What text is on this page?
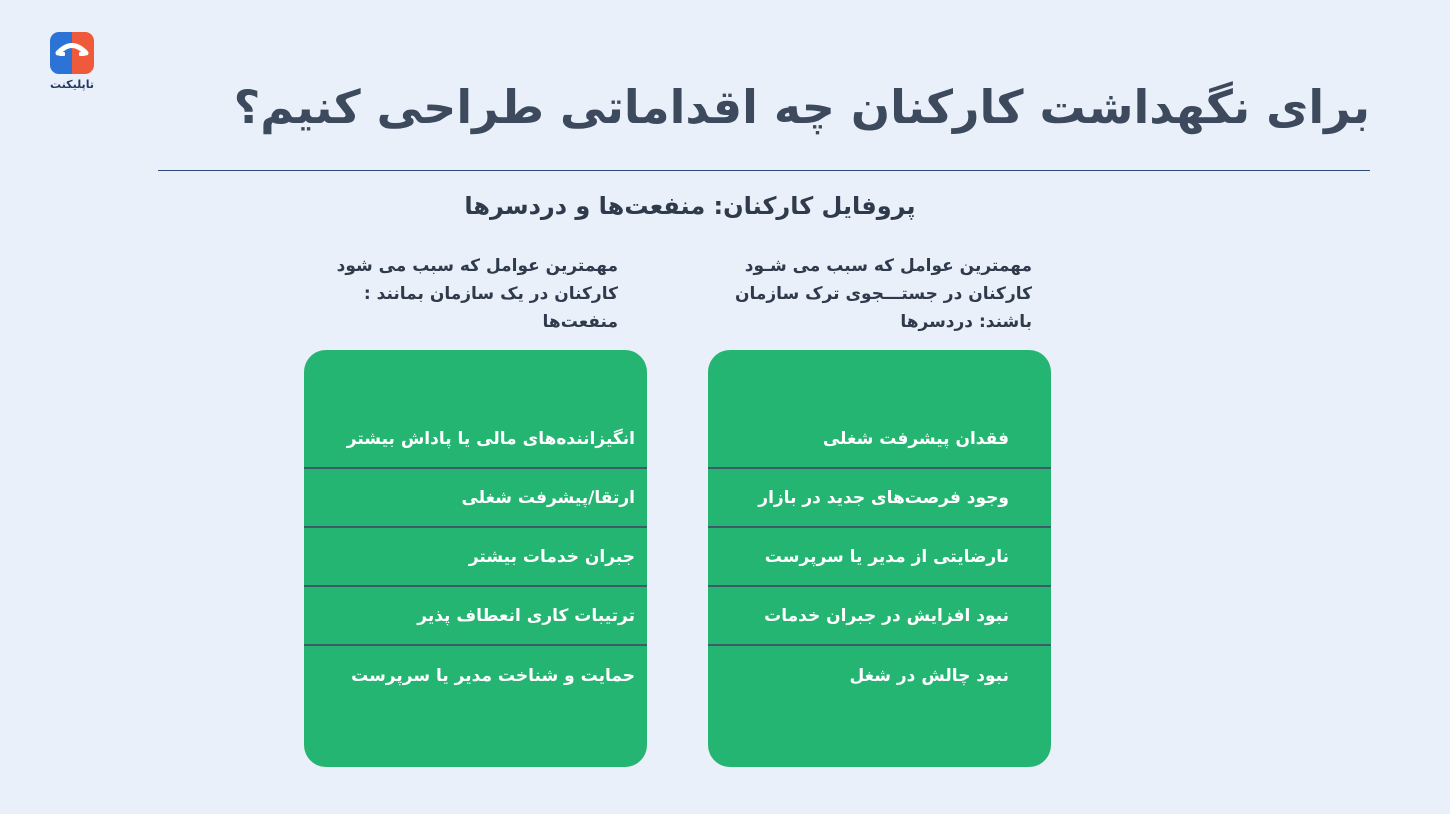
تاپلیکنت	برای نگهداشت کارکنان چه اقداماتی طراحی کنیم؟
پروفایل کارکنان: منفعت‌ها و دردسرها

مهمترین عوامل که سبب می شود کارکنان در یک سازمان بمانند : منفعت‌ها

مهمترین عوامل که سبب می شـود کارکنان در جستـــجوی ترک سازمان باشند: دردسرها

انگیزاننده‌های مالی یا پاداش بیشتر
ارتقا/پیشرفت شغلی
جبران خدمات بیشتر
ترتیبات کاری انعطاف پذیر
حمایت و شناخت مدیر یا سرپرست
فقدان پیشرفت شغلی
وجود فرصت‌های جدید در بازار
نارضایتی از مدیر یا سرپرست
نبود افزایش در جبران خدمات
نبود چالش در شغل
